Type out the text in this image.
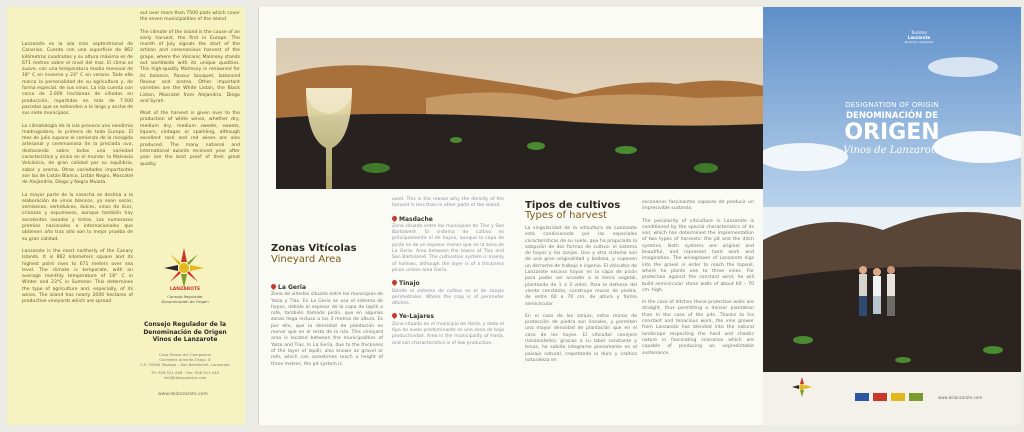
Lanzarote es la isla más septentrional de Canarias. Cuenta con una superficie de 862 kilómetros cuadrados y su altura máxima es de 671 metros sobre el nivel del mar. El clima es suave, con una temperatura media mensual de 18° C en invierno y 23° C en verano. Todo ello marca la personalidad de su agricultura y, de forma especial, de sus vinos. La isla cuenta con cerca de 2.000 hectáreas de viñedos en producción, repartidas en más de 7.500 parcelas que se extienden a lo largo y ancho de sus siete municipios.

La climatología de la isla provoca una vendimia madrugadora, la primera de toda Europa. El mes de julio supone el comienzo de la recogida artesanal y ceremoniosa de la preciada uva, destacando sobre todas una variedad característica y única en el mundo: la Malvasía Volcánica, de gran calidad por su equilibrio, sabor y aroma. Otras variedades importantes son las de Listán Blanco, Listán Negro, Moscatel de Alejandría, Diego y Negra Mulata.

La mayor parte de la cosecha se destina a la elaboración de vinos blancos, ya sean secos, semisecos, semidulces, dulces, vinos de licor, crianzas y espumosos, aunque también hay excelentes rosados y tintos. Los numerosos premios nacionales e internacionales que obtienen año tras año son la mejor prueba de su gran calidad.

Lanzarote is the most northerly of the Canary Islands. It is 862 kilometers square and its highest point rises to 671 meters over sea level. The climate is temperate, with an average monthly temperature of 18° C in Winter and 23°C in Summer. This determines the type of agriculture and, especially, of its wines. The island has nearly 2000 hectares of productive vineyards which are spread

out over more than 7500 plots which cover the seven municipalities of the island.

The climate of the island is the cause of an early harvest, the first in Europe. The month of July signals the start of the artisan and ceremonious harvest of the grape, where the Volcanic Malmsey stands out worldwide with its unique qualities. This high-quality Malmsey is renowned for its balance, flavour bouquet, balanced flavour and aroma. Other important varieties are the White Listan, the Black Listan, Moscatel from Alejandria, Diego and Syrah.

Most of the harvest is given over to the production of white wines, whether dry, medium dry, medium sweets, sweets, liquors, vintages or sparkling, although excellent rosé and red wines are also produced. The many national and international awards received year after year are the best proof of their great quality.

LANZAROTE
Consejo Regulador
Denominación de Origen
Consejo Regulador de la
Denominación de Origen
Vinos de Lanzarote
Casa Museo del Campesino
Carretera Arrecife-Tinajo, 8
C.P. 35560 Mozaga – San Bartolomé, Lanzarote
Tlf: 928 521 048 · Fax: 928 521 049
info@dolanzarote.com
www.dolanzarote.com
Zonas Vitícolas
Vineyard Area
La Geria
Zona de viñedos situada entre los municipios de Yaiza y Tías. En La Geria se usa el sistema de hoyos, debido al espesor de la capa de lapilli o rofe, también llamado picón, que en algunas zonas llega incluso a los 3 metros de altura. Es por ello, que la densidad de plantación es menor que en el resto de la isla. This vineyard area is located between the municipalities of Yaiza and Tías. In La Geria, due to the thickness of the layer of lapilli, also known as gravel or rofe, which can sometimes reach a height of three metres, the pit system is

used. This is the reason why the density of the harvest is less than in other parts of the island.

Masdache

Zona situada entre los municipios de Tías y San Bartolomé. El sistema de cultivo es principalmente el de hoyos, aunque la capa de picón es de un espesor menor que en la zona de La Geria. Area between the towns of Tías and San Bartolomé. The cultivation system is mainly of hollows, although the layer is of a thickness picon unless area Geria.

Tinajo

Dónde el sistema de cultivo es el de zanjas perimetrales. Where the crop is of perimeter ditches.

Ye-Lajares

Zona situada en el municipio de Haría, y dado el tipo de suelo predominante es una zona de baja productividad. Area in the municipality of Haría, and soil characteristics is of low production.

Tipos de cultivos
Types of harvest

La singularidad de la viticultura de Lanzarote está condicionada por las especiales características de su suelo, que ha propiciado la adopción de dos formas de cultivo: el sistema de hoyos y las zanjas. Uno y otro sistema son de una gran originalidad y belleza, y suponen un derroche de trabajo e ingenio. El viticultor de Lanzarote excava hoyos en la capa de picón para poder así acceder a la tierra vegetal, plantando de 1 a 3 vides. Para la defensa del viento constante, construye muros de piedra, de entre 60 a 70 cm. de altura y forma semicircular.

En el caso de las zanjas, estos muros de protección de piedra son lineales, y permiten una mayor densidad de plantación que en el caso de los hoyos. El viticultor conejero (lanzaroteño), gracias a su labor constante y tenaz, ha sabido integrarse plenamente en el paisaje natural, respetando la dura y caótica naturaleza en

escenarios fascinantes capaces de producir un impresivible sustento.

The peculiarity of viticulture in Lanzarote is conditioned by the special characteristics of its soil, which has determined the implementation of two types of harvests: the pit and the ditch systems. Both systems are original and beautiful, and represent hard work and imagination. The winegrower of Lanzarote digs into the gravel in order to reach the topsoil, where he plants one to three vines. For protection against the constant wind, he will build semicircular stone walls of about 60 – 70 cm. high.

In the case of ditches these protection walls are straight, thus permitting a denser plantation than in the case of the pits. Thanks to his constant and tenacious work, the vine grower from Lanzarote has blended into the natural landscape respecting the hard and chaotic nature in fascinating scenarios which are capable of producing an unpredictable sustenance.

Turismo
Lanzarote
Rural en Lanzarote
DESIGNATION OF ORIGIN
DENOMINACIÓN DE
ORIGEN
Vinos de Lanzarote
www.dolanzarote.com
